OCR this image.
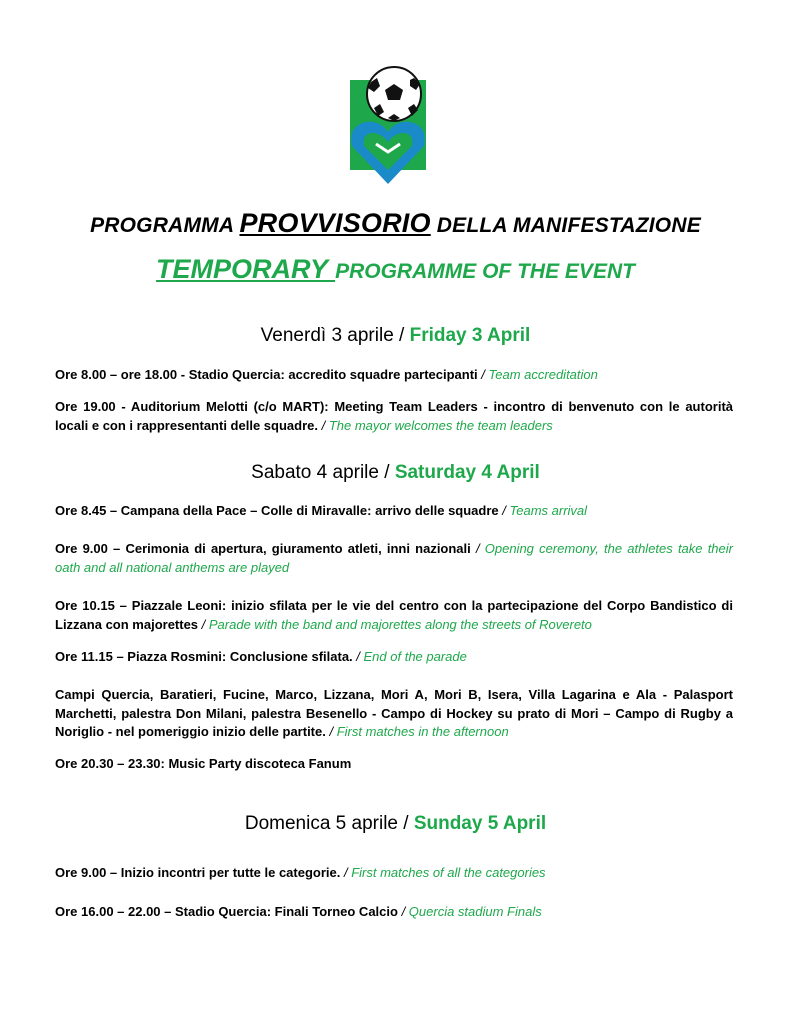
PROGRAMMA PROVVISORIO DELLA MANIFESTAZIONE
TEMPORARY PROGRAMME OF THE EVENT
Venerdì 3 aprile / Friday 3 April
Ore 8.00 – ore 18.00 - Stadio Quercia: accredito squadre partecipanti / Team accreditation
Ore 19.00 - Auditorium Melotti (c/o MART): Meeting Team Leaders - incontro di benvenuto con le autorità locali e con i rappresentanti delle squadre. / The mayor welcomes the team leaders
Sabato 4 aprile / Saturday 4 April
Ore 8.45 – Campana della Pace – Colle di Miravalle: arrivo delle squadre / Teams arrival
Ore 9.00 – Cerimonia di apertura, giuramento atleti, inni nazionali / Opening ceremony, the athletes take their oath and all national anthems are played
Ore 10.15 – Piazzale Leoni: inizio sfilata per le vie del centro con la partecipazione del Corpo Bandistico di Lizzana con majorettes / Parade with the band and majorettes along the streets of Rovereto
Ore 11.15 – Piazza Rosmini: Conclusione sfilata. / End of the parade
Campi Quercia, Baratieri, Fucine, Marco, Lizzana, Mori A, Mori B, Isera, Villa Lagarina e Ala - Palasport Marchetti, palestra Don Milani, palestra Besenello - Campo di Hockey su prato di Mori – Campo di Rugby a Noriglio - nel pomeriggio inizio delle partite. / First matches in the afternoon
Ore 20.30 – 23.30: Music Party discoteca Fanum
Domenica 5 aprile / Sunday 5 April
Ore 9.00 – Inizio incontri per tutte le categorie. / First matches of all the categories
Ore 16.00 – 22.00 – Stadio Quercia: Finali Torneo Calcio / Quercia stadium Finals
